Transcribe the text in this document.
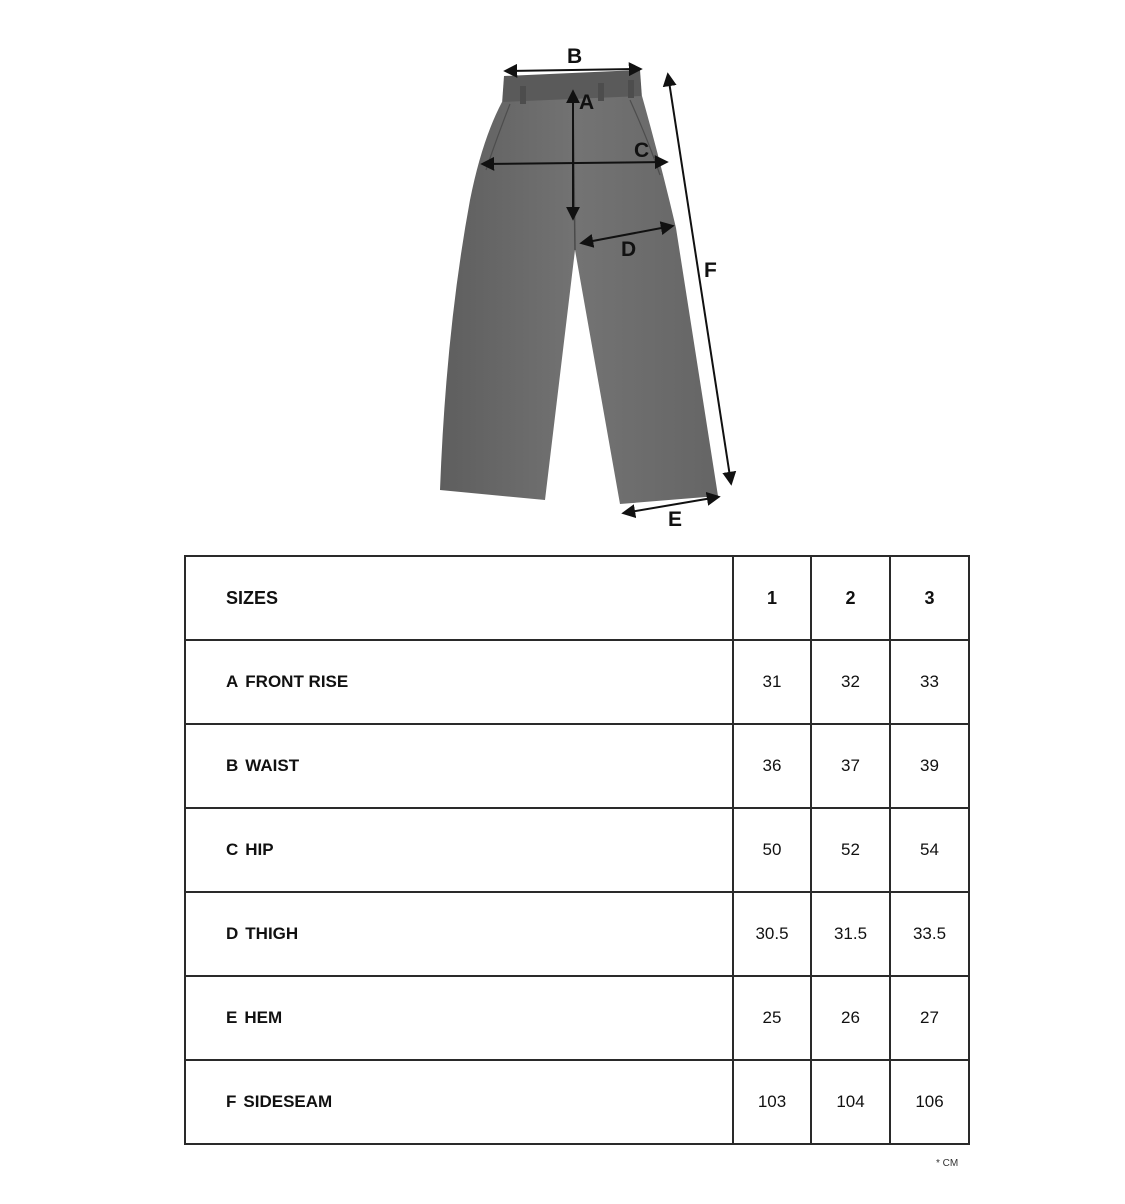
B
A
C
D
F
E
SIZES	1	2	3
A FRONT RISE	31	32	33
B WAIST	36	37	39
C HIP	50	52	54
D THIGH	30.5	31.5	33.5
E HEM	25	26	27
F SIDESEAM	103	104	106
* CM
